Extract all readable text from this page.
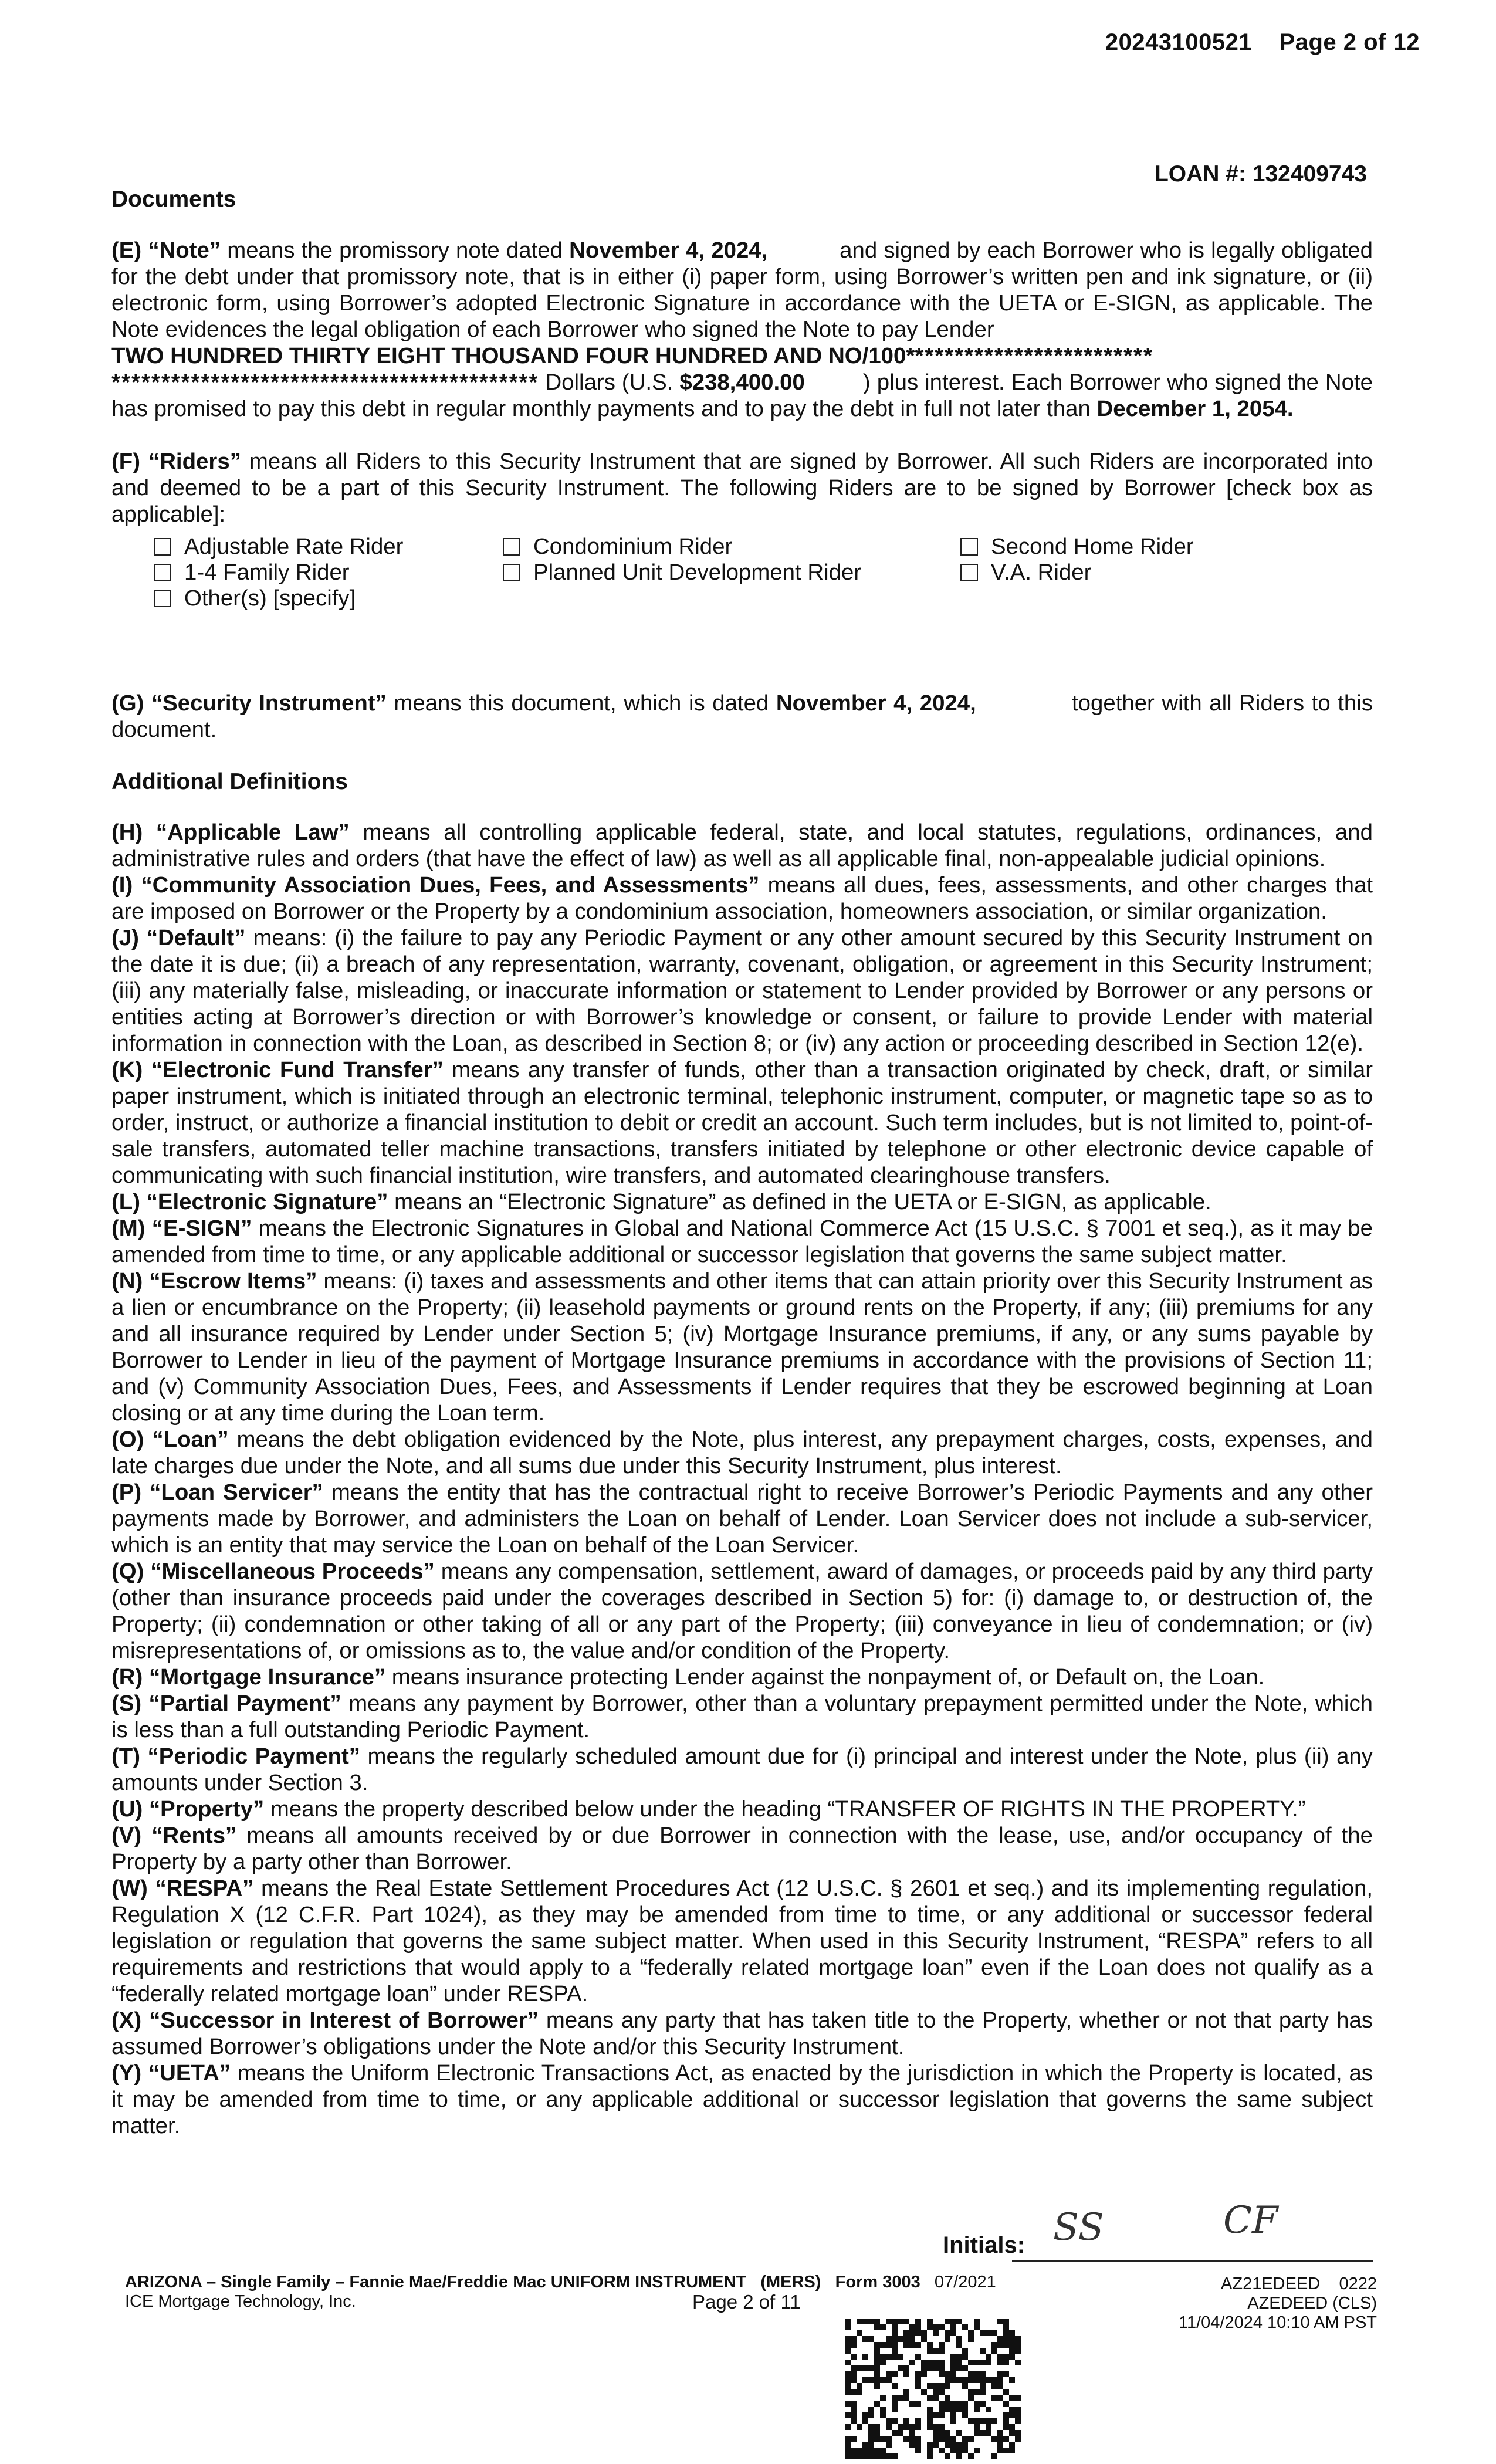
20243100521 Page 2 of 12
LOAN #: 132409743
Documents

(E) “Note” means the promissory note dated November 4, 2024,	and signed by each Borrower who is legally obligated for the debt under that promissory note, that is in either (i) paper form, using Borrower’s written pen and ink signature, or (ii) electronic form, using Borrower’s adopted Electronic Signature in accordance with the UETA or E-SIGN, as applicable. The Note evidences the legal obligation of each Borrower who signed the Note to pay Lender
TWO HUNDRED THIRTY EIGHT THOUSAND FOUR HUNDRED AND NO/100*************************
******************************************* Dollars (U.S. $238,400.00         ) plus interest. Each Borrower who signed the Note has promised to pay this debt in regular monthly payments and to pay the debt in full not later than December 1, 2054.

(F) “Riders” means all Riders to this Security Instrument that are signed by Borrower. All such Riders are incorporated into and deemed to be a part of this Security Instrument. The following Riders are to be signed by Borrower [check box as applicable]:

Adjustable Rate Rider	Condominium Rider	Second Home Rider
1-4 Family Rider	Planned Unit Development Rider	V.A. Rider
Other(s) [specify]

(G) “Security Instrument” means this document, which is dated November 4, 2024,	together with all Riders to this document.

Additional Definitions

(H) “Applicable Law” means all controlling applicable federal, state, and local statutes, regulations, ordinances, and administrative rules and orders (that have the effect of law) as well as all applicable final, non-appealable judicial opinions.

(I) “Community Association Dues, Fees, and Assessments” means all dues, fees, assessments, and other charges that are imposed on Borrower or the Property by a condominium association, homeowners association, or similar organization.

(J) “Default” means: (i) the failure to pay any Periodic Payment or any other amount secured by this Security Instrument on the date it is due; (ii) a breach of any representation, warranty, covenant, obligation, or agreement in this Security Instrument; (iii) any materially false, misleading, or inaccurate information or statement to Lender provided by Borrower or any persons or entities acting at Borrower’s direction or with Borrower’s knowledge or consent, or failure to provide Lender with material information in connection with the Loan, as described in Section 8; or (iv) any action or proceeding described in Section 12(e).

(K) “Electronic Fund Transfer” means any transfer of funds, other than a transaction originated by check, draft, or similar paper instrument, which is initiated through an electronic terminal, telephonic instrument, computer, or magnetic tape so as to order, instruct, or authorize a financial institution to debit or credit an account. Such term includes, but is not limited to, point-of-sale transfers, automated teller machine transactions, transfers initiated by telephone or other electronic device capable of communicating with such financial institution, wire transfers, and automated clearinghouse transfers.

(L) “Electronic Signature” means an “Electronic Signature” as defined in the UETA or E-SIGN, as applicable.

(M) “E-SIGN” means the Electronic Signatures in Global and National Commerce Act (15 U.S.C. § 7001 et seq.), as it may be amended from time to time, or any applicable additional or successor legislation that governs the same subject matter.

(N) “Escrow Items” means: (i) taxes and assessments and other items that can attain priority over this Security Instrument as a lien or encumbrance on the Property; (ii) leasehold payments or ground rents on the Property, if any; (iii) premiums for any and all insurance required by Lender under Section 5; (iv) Mortgage Insurance premiums, if any, or any sums payable by Borrower to Lender in lieu of the payment of Mortgage Insurance premiums in accordance with the provisions of Section 11; and (v) Community Association Dues, Fees, and Assessments if Lender requires that they be escrowed beginning at Loan closing or at any time during the Loan term.

(O) “Loan” means the debt obligation evidenced by the Note, plus interest, any prepayment charges, costs, expenses, and late charges due under the Note, and all sums due under this Security Instrument, plus interest.

(P) “Loan Servicer” means the entity that has the contractual right to receive Borrower’s Periodic Payments and any other payments made by Borrower, and administers the Loan on behalf of Lender. Loan Servicer does not include a sub-servicer, which is an entity that may service the Loan on behalf of the Loan Servicer.

(Q) “Miscellaneous Proceeds” means any compensation, settlement, award of damages, or proceeds paid by any third party (other than insurance proceeds paid under the coverages described in Section 5) for: (i) damage to, or destruction of, the Property; (ii) condemnation or other taking of all or any part of the Property; (iii) conveyance in lieu of condemnation; or (iv) misrepresentations of, or omissions as to, the value and/or condition of the Property.

(R) “Mortgage Insurance” means insurance protecting Lender against the nonpayment of, or Default on, the Loan.

(S) “Partial Payment” means any payment by Borrower, other than a voluntary prepayment permitted under the Note, which is less than a full outstanding Periodic Payment.

(T) “Periodic Payment” means the regularly scheduled amount due for (i) principal and interest under the Note, plus (ii) any amounts under Section 3.

(U) “Property” means the property described below under the heading “TRANSFER OF RIGHTS IN THE PROPERTY.”

(V) “Rents” means all amounts received by or due Borrower in connection with the lease, use, and/or occupancy of the Property by a party other than Borrower.

(W) “RESPA” means the Real Estate Settlement Procedures Act (12 U.S.C. § 2601 et seq.) and its implementing regulation, Regulation X (12 C.F.R. Part 1024), as they may be amended from time to time, or any additional or successor federal legislation or regulation that governs the same subject matter. When used in this Security Instrument, “RESPA” refers to all requirements and restrictions that would apply to a “federally related mortgage loan” even if the Loan does not qualify as a “federally related mortgage loan” under RESPA.

(X) “Successor in Interest of Borrower” means any party that has taken title to the Property, whether or not that party has assumed Borrower’s obligations under the Note and/or this Security Instrument.

(Y) “UETA” means the Uniform Electronic Transactions Act, as enacted by the jurisdiction in which the Property is located, as it may be amended from time to time, or any applicable additional or successor legislation that governs the same subject matter.

Initials: SS	CF
ARIZONA – Single Family – Fannie Mae/Freddie Mac UNIFORM INSTRUMENT (MERS) Form 3003 07/2021
ICE Mortgage Technology, Inc.	Page 2 of 11
AZ21EDEED 0222
AZEDEED (CLS)
11/04/2024 10:10 AM PST
